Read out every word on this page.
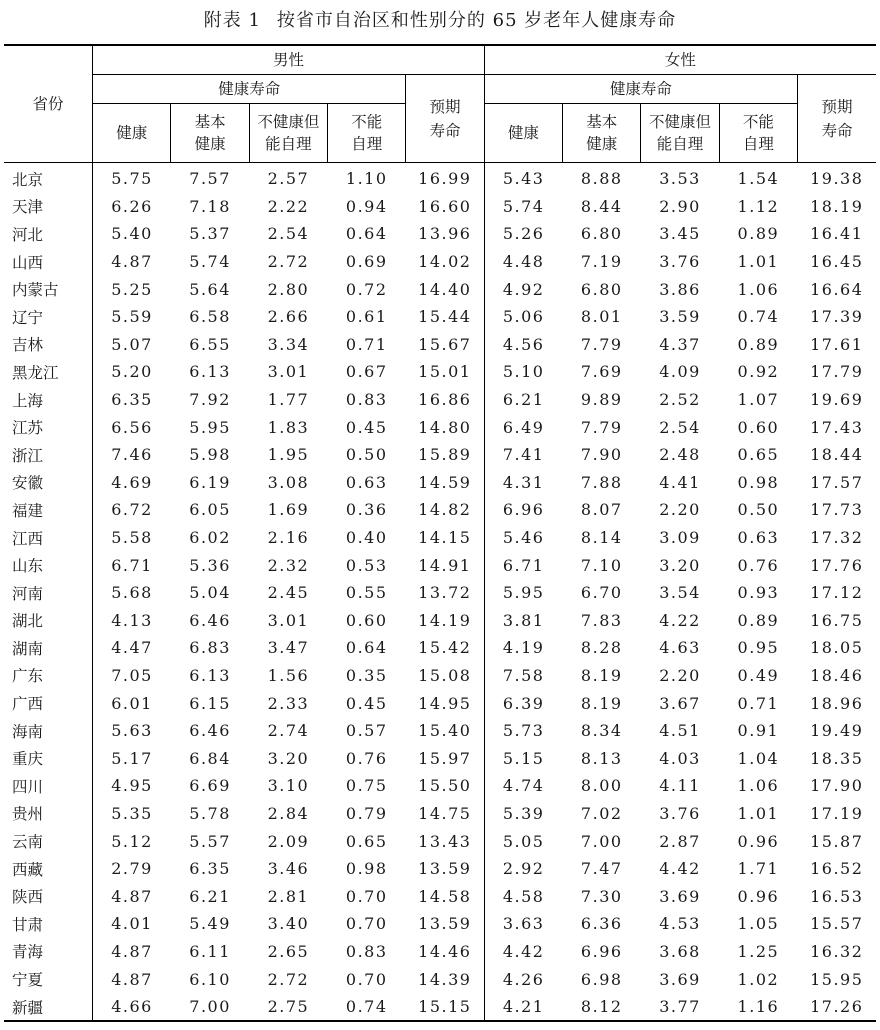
附表 1 按省市自治区和性别分的 65 岁老年人健康寿命
省份	男性					女性				
	健康寿命				预期寿命	健康寿命				预期寿命
	健康	基本健康	不健康但能自理	不能自理		健康	基本健康	不健康但能自理	不能自理	
北京	5.75	7.57	2.57	1.10	16.99	5.43	8.88	3.53	1.54	19.38
天津	6.26	7.18	2.22	0.94	16.60	5.74	8.44	2.90	1.12	18.19
河北	5.40	5.37	2.54	0.64	13.96	5.26	6.80	3.45	0.89	16.41
山西	4.87	5.74	2.72	0.69	14.02	4.48	7.19	3.76	1.01	16.45
内蒙古	5.25	5.64	2.80	0.72	14.40	4.92	6.80	3.86	1.06	16.64
辽宁	5.59	6.58	2.66	0.61	15.44	5.06	8.01	3.59	0.74	17.39
吉林	5.07	6.55	3.34	0.71	15.67	4.56	7.79	4.37	0.89	17.61
黑龙江	5.20	6.13	3.01	0.67	15.01	5.10	7.69	4.09	0.92	17.79
上海	6.35	7.92	1.77	0.83	16.86	6.21	9.89	2.52	1.07	19.69
江苏	6.56	5.95	1.83	0.45	14.80	6.49	7.79	2.54	0.60	17.43
浙江	7.46	5.98	1.95	0.50	15.89	7.41	7.90	2.48	0.65	18.44
安徽	4.69	6.19	3.08	0.63	14.59	4.31	7.88	4.41	0.98	17.57
福建	6.72	6.05	1.69	0.36	14.82	6.96	8.07	2.20	0.50	17.73
江西	5.58	6.02	2.16	0.40	14.15	5.46	8.14	3.09	0.63	17.32
山东	6.71	5.36	2.32	0.53	14.91	6.71	7.10	3.20	0.76	17.76
河南	5.68	5.04	2.45	0.55	13.72	5.95	6.70	3.54	0.93	17.12
湖北	4.13	6.46	3.01	0.60	14.19	3.81	7.83	4.22	0.89	16.75
湖南	4.47	6.83	3.47	0.64	15.42	4.19	8.28	4.63	0.95	18.05
广东	7.05	6.13	1.56	0.35	15.08	7.58	8.19	2.20	0.49	18.46
广西	6.01	6.15	2.33	0.45	14.95	6.39	8.19	3.67	0.71	18.96
海南	5.63	6.46	2.74	0.57	15.40	5.73	8.34	4.51	0.91	19.49
重庆	5.17	6.84	3.20	0.76	15.97	5.15	8.13	4.03	1.04	18.35
四川	4.95	6.69	3.10	0.75	15.50	4.74	8.00	4.11	1.06	17.90
贵州	5.35	5.78	2.84	0.79	14.75	5.39	7.02	3.76	1.01	17.19
云南	5.12	5.57	2.09	0.65	13.43	5.05	7.00	2.87	0.96	15.87
西藏	2.79	6.35	3.46	0.98	13.59	2.92	7.47	4.42	1.71	16.52
陕西	4.87	6.21	2.81	0.70	14.58	4.58	7.30	3.69	0.96	16.53
甘肃	4.01	5.49	3.40	0.70	13.59	3.63	6.36	4.53	1.05	15.57
青海	4.87	6.11	2.65	0.83	14.46	4.42	6.96	3.68	1.25	16.32
宁夏	4.87	6.10	2.72	0.70	14.39	4.26	6.98	3.69	1.02	15.95
新疆	4.66	7.00	2.75	0.74	15.15	4.21	8.12	3.77	1.16	17.26
